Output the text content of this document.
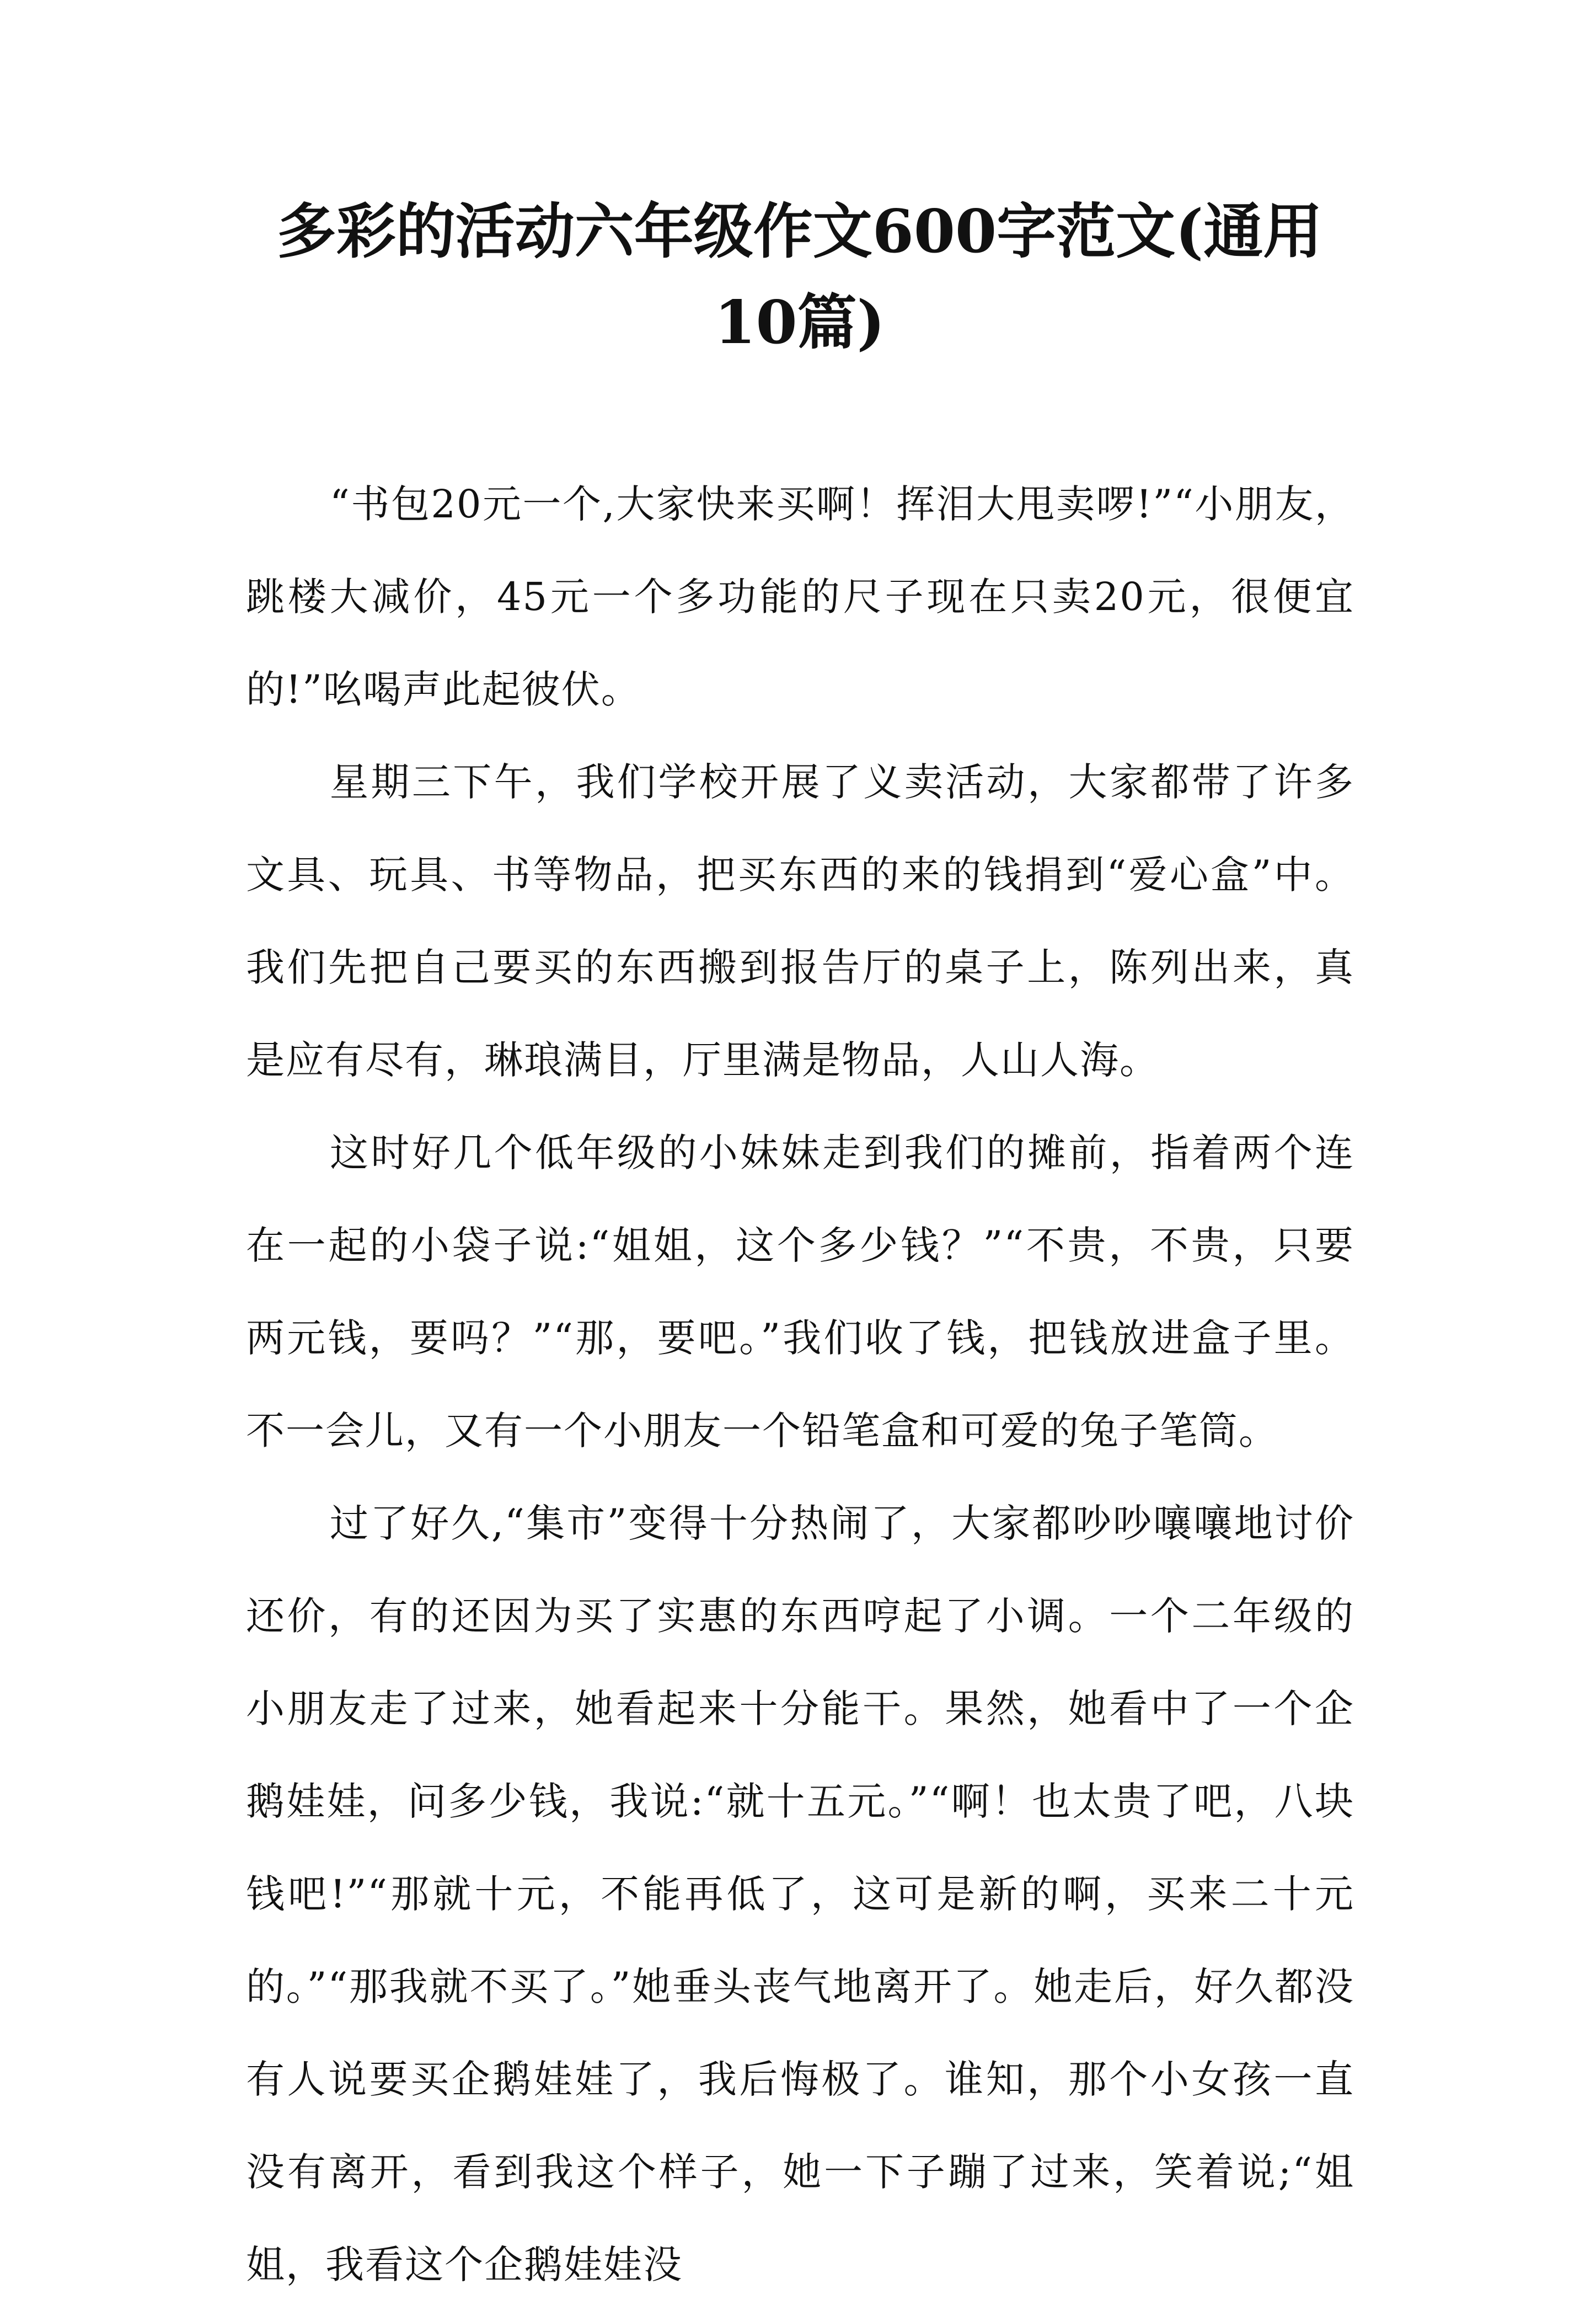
多彩的活动六年级作文600字范文(通用10篇)

“书包20元一个,大家快来买啊！挥泪大甩卖啰!”“小朋友，跳楼大减价，45元一个多功能的尺子现在只卖20元，很便宜的!”吆喝声此起彼伏。

星期三下午，我们学校开展了义卖活动，大家都带了许多文具、玩具、书等物品，把买东西的来的钱捐到“爱心盒”中。我们先把自己要买的东西搬到报告厅的桌子上，陈列出来，真是应有尽有，琳琅满目，厅里满是物品，人山人海。

这时好几个低年级的小妹妹走到我们的摊前，指着两个连在一起的小袋子说:“姐姐，这个多少钱？”“不贵，不贵，只要两元钱，要吗？”“那，要吧。”我们收了钱，把钱放进盒子里。不一会儿，又有一个小朋友一个铅笔盒和可爱的兔子笔筒。

过了好久,“集市”变得十分热闹了，大家都吵吵嚷嚷地讨价还价，有的还因为买了实惠的东西哼起了小调。一个二年级的小朋友走了过来，她看起来十分能干。果然，她看中了一个企鹅娃娃，问多少钱，我说:“就十五元。”“啊！也太贵了吧，八块钱吧!”“那就十元，不能再低了，这可是新的啊，买来二十元的。”“那我就不买了。”她垂头丧气地离开了。她走后，好久都没有人说要买企鹅娃娃了，我后悔极了。谁知，那个小女孩一直没有离开，看到我这个样子，她一下子蹦了过来，笑着说;“姐姐，我看这个企鹅娃娃没
